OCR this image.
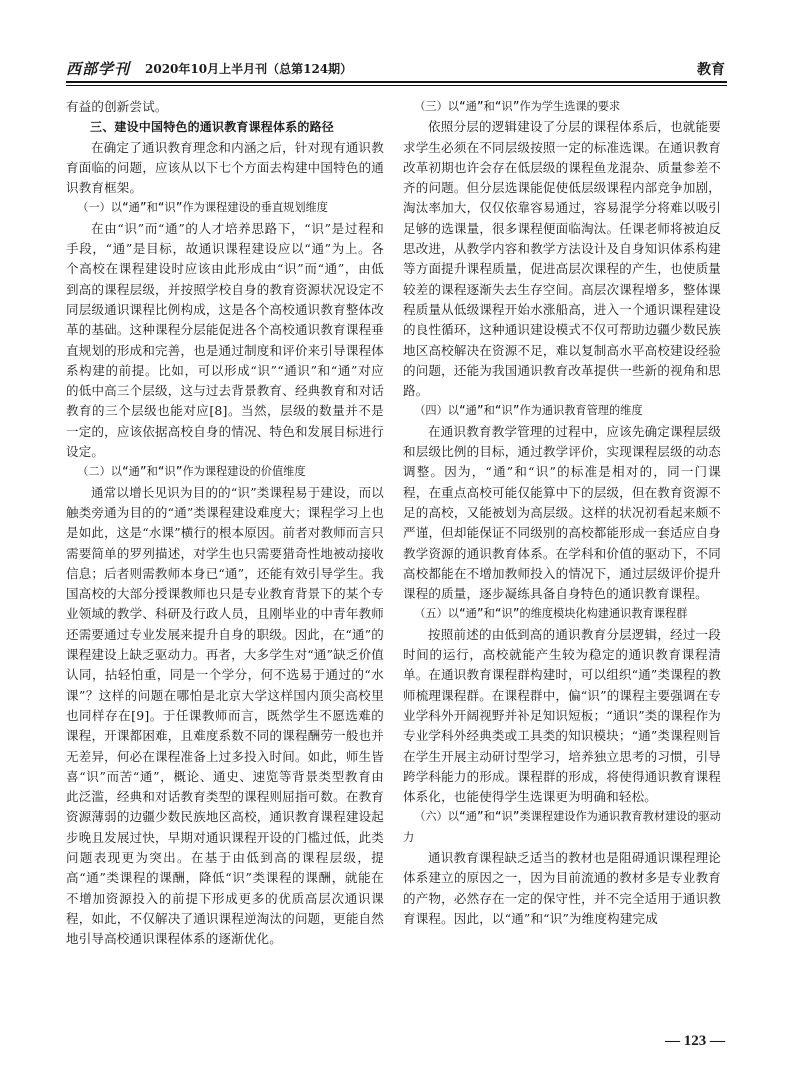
西部学刊 2020年10月上半月刊（总第124期）	教育

有益的创新尝试。

三、建设中国特色的通识教育课程体系的路径

在确定了通识教育理念和内涵之后，针对现有通识教育面临的问题，应该从以下七个方面去构建中国特色的通识教育框架。

（一）以“通”和“识”作为课程建设的垂直规划维度

在由“识”而“通”的人才培养思路下，“识”是过程和手段，“通”是目标，故通识课程建设应以“通”为上。各个高校在课程建设时应该由此形成由“识”而“通”，由低到高的课程层级，并按照学校自身的教育资源状况设定不同层级通识课程比例构成，这是各个高校通识教育整体改革的基础。这种课程分层能促进各个高校通识教育课程垂直规划的形成和完善，也是通过制度和评价来引导课程体系构建的前提。比如，可以形成“识”“通识”和“通”对应的低中高三个层级，这与过去背景教育、经典教育和对话教育的三个层级也能对应[8]。当然，层级的数量并不是一定的，应该依据高校自身的情况、特色和发展目标进行设定。

（二）以“通”和“识”作为课程建设的价值维度

通常以增长见识为目的的“识”类课程易于建设，而以触类旁通为目的的“通”类课程建设难度大；课程学习上也是如此，这是“水课”横行的根本原因。前者对教师而言只需要简单的罗列描述，对学生也只需要猎奇性地被动接收信息；后者则需教师本身已“通”，还能有效引导学生。我国高校的大部分授课教师也只是专业教育背景下的某个专业领域的教学、科研及行政人员，且刚毕业的中青年教师还需要通过专业发展来提升自身的职级。因此，在“通”的课程建设上缺乏驱动力。再者，大多学生对“通”缺乏价值认同，拈轻怕重，同是一个学分，何不选易于通过的“水课”？这样的问题在哪怕是北京大学这样国内顶尖高校里也同样存在[9]。于任课教师而言，既然学生不愿选难的课程，开课都困难，且难度系数不同的课程酬劳一般也并无差异，何必在课程准备上过多投入时间。如此，师生皆喜“识”而苦“通”，概论、通史、速览等背景类型教育由此泛滥，经典和对话教育类型的课程则屈指可数。在教育资源薄弱的边疆少数民族地区高校，通识教育课程建设起步晚且发展过快，早期对通识课程开设的门槛过低，此类问题表现更为突出。在基于由低到高的课程层级，提高“通”类课程的课酬，降低“识”类课程的课酬，就能在不增加资源投入的前提下形成更多的优质高层次通识课程，如此，不仅解决了通识课程逆淘汰的问题，更能自然地引导高校通识课程体系的逐渐优化。

（三）以“通”和“识”作为学生选课的要求

依照分层的逻辑建设了分层的课程体系后，也就能要求学生必须在不同层级按照一定的标准选课。在通识教育改革初期也许会存在低层级的课程鱼龙混杂、质量参差不齐的问题。但分层选课能促使低层级课程内部竞争加剧，淘汰率加大，仅仅依靠容易通过，容易混学分将难以吸引足够的选课量，很多课程便面临淘汰。任课老师将被迫反思改进，从教学内容和教学方法设计及自身知识体系构建等方面提升课程质量，促进高层次课程的产生，也使质量较差的课程逐渐失去生存空间。高层次课程增多，整体课程质量从低级课程开始水涨船高，进入一个通识课程建设的良性循环，这种通识建设模式不仅可帮助边疆少数民族地区高校解决在资源不足，难以复制高水平高校建设经验的问题，还能为我国通识教育改革提供一些新的视角和思路。

（四）以“通”和“识”作为通识教育管理的维度

在通识教育教学管理的过程中，应该先确定课程层级和层级比例的目标，通过教学评价，实现课程层级的动态调整。因为，“通”和“识”的标准是相对的，同一门课程，在重点高校可能仅能算中下的层级，但在教育资源不足的高校，又能被划为高层级。这样的状况初看起来颇不严谨，但却能保证不同级别的高校都能形成一套适应自身教学资源的通识教育体系。在学科和价值的驱动下，不同高校都能在不增加教师投入的情况下，通过层级评价提升课程的质量，逐步凝练具备自身特色的通识教育课程。

（五）以“通”和“识”的维度模块化构建通识教育课程群

按照前述的由低到高的通识教育分层逻辑，经过一段时间的运行，高校就能产生较为稳定的通识教育课程清单。在通识教育课程群构建时，可以组织“通”类课程的教师梳理课程群。在课程群中，偏“识”的课程主要强调在专业学科外开阔视野并补足知识短板；“通识”类的课程作为专业学科外经典类或工具类的知识模块；“通”类课程则旨在学生开展主动研讨型学习，培养独立思考的习惯，引导跨学科能力的形成。课程群的形成，将使得通识教育课程体系化，也能使得学生选课更为明确和轻松。

（六）以“通”和“识”类课程建设作为通识教育教材建设的驱动力

通识教育课程缺乏适当的教材也是阻碍通识课程理论体系建立的原因之一，因为目前流通的教材多是专业教育的产物，必然存在一定的保守性，并不完全适用于通识教育课程。因此，以“通”和“识”为维度构建完成

— 123 —
